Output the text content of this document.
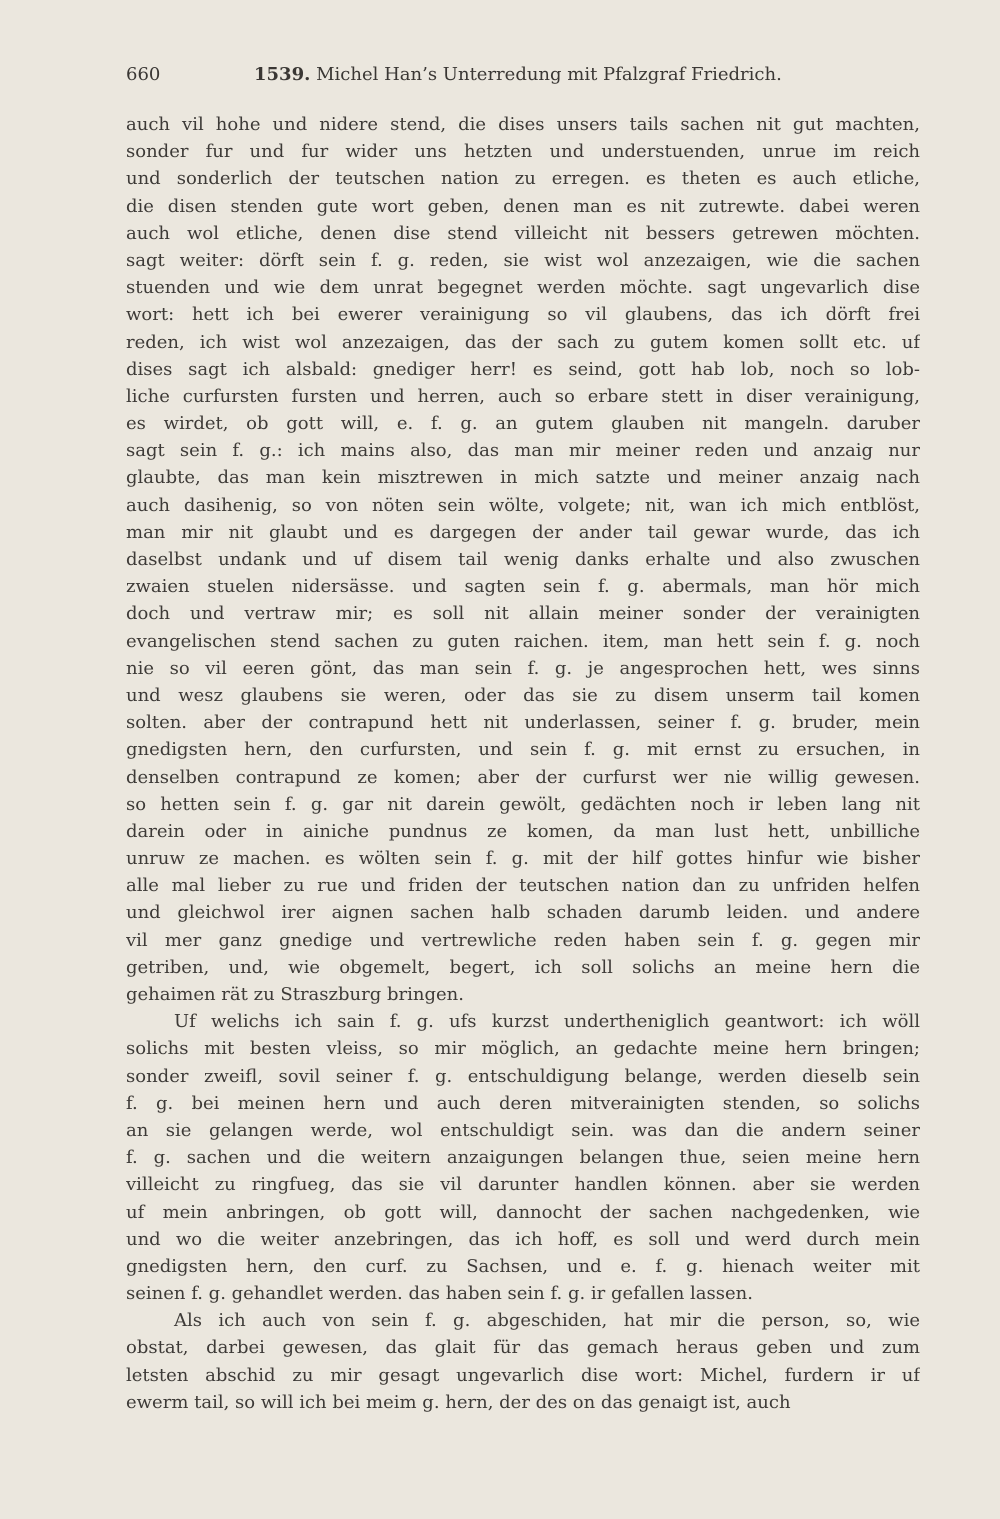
660	1539. Michel Han’s Unterredung mit Pfalzgraf Friedrich.
auch vil hohe und nidere stend, die dises unsers tails sachen nit gut machten,
sonder fur und fur wider uns hetzten und understuenden, unrue im reich
und sonderlich der teutschen nation zu erregen. es theten es auch etliche,
die disen stenden gute wort geben, denen man es nit zutrewte. dabei weren
auch wol etliche, denen dise stend villeicht nit bessers getrewen möchten.
sagt weiter: dörft sein f. g. reden, sie wist wol anzezaigen, wie die sachen
stuenden und wie dem unrat begegnet werden möchte. sagt ungevarlich dise
wort: hett ich bei ewerer verainigung so vil glaubens, das ich dörft frei
reden, ich wist wol anzezaigen, das der sach zu gutem komen sollt etc. uf
dises sagt ich alsbald: gnediger herr! es seind, gott hab lob, noch so lob-
liche curfursten fursten und herren, auch so erbare stett in diser verainigung,
es wirdet, ob gott will, e. f. g. an gutem glauben nit mangeln. daruber
sagt sein f. g.: ich mains also, das man mir meiner reden und anzaig nur
glaubte, das man kein misztrewen in mich satzte und meiner anzaig nach
auch dasihenig, so von nöten sein wölte, volgete; nit, wan ich mich entblöst,
man mir nit glaubt und es dargegen der ander tail gewar wurde, das ich
daselbst undank und uf disem tail wenig danks erhalte und also zwuschen
zwaien stuelen nidersässe. und sagten sein f. g. abermals, man hör mich
doch und vertraw mir; es soll nit allain meiner sonder der verainigten
evangelischen stend sachen zu guten raichen. item, man hett sein f. g. noch
nie so vil eeren gönt, das man sein f. g. je angesprochen hett, wes sinns
und wesz glaubens sie weren, oder das sie zu disem unserm tail komen
solten. aber der contrapund hett nit underlassen, seiner f. g. bruder, mein
gnedigsten hern, den curfursten, und sein f. g. mit ernst zu ersuchen, in
denselben contrapund ze komen; aber der curfurst wer nie willig gewesen.
so hetten sein f. g. gar nit darein gewölt, gedächten noch ir leben lang nit
darein oder in ainiche pundnus ze komen, da man lust hett, unbilliche
unruw ze machen. es wölten sein f. g. mit der hilf gottes hinfur wie bisher
alle mal lieber zu rue und friden der teutschen nation dan zu unfriden helfen
und gleichwol irer aignen sachen halb schaden darumb leiden. und andere
vil mer ganz gnedige und vertrewliche reden haben sein f. g. gegen mir
getriben, und, wie obgemelt, begert, ich soll solichs an meine hern die
gehaimen rät zu Straszburg bringen.
Uf welichs ich sain f. g. ufs kurzst undertheniglich geantwort: ich wöll
solichs mit besten vleiss, so mir möglich, an gedachte meine hern bringen;
sonder zweifl, sovil seiner f. g. entschuldigung belange, werden dieselb sein
f. g. bei meinen hern und auch deren mitverainigten stenden, so solichs
an sie gelangen werde, wol entschuldigt sein. was dan die andern seiner
f. g. sachen und die weitern anzaigungen belangen thue, seien meine hern
villeicht zu ringfueg, das sie vil darunter handlen können. aber sie werden
uf mein anbringen, ob gott will, dannocht der sachen nachgedenken, wie
und wo die weiter anzebringen, das ich hoff, es soll und werd durch mein
gnedigsten hern, den curf. zu Sachsen, und e. f. g. hienach weiter mit
seinen f. g. gehandlet werden. das haben sein f. g. ir gefallen lassen.
Als ich auch von sein f. g. abgeschiden, hat mir die person, so, wie
obstat, darbei gewesen, das glait für das gemach heraus geben und zum
letsten abschid zu mir gesagt ungevarlich dise wort: Michel, furdern ir uf
ewerm tail, so will ich bei meim g. hern, der des on das genaigt ist, auch
